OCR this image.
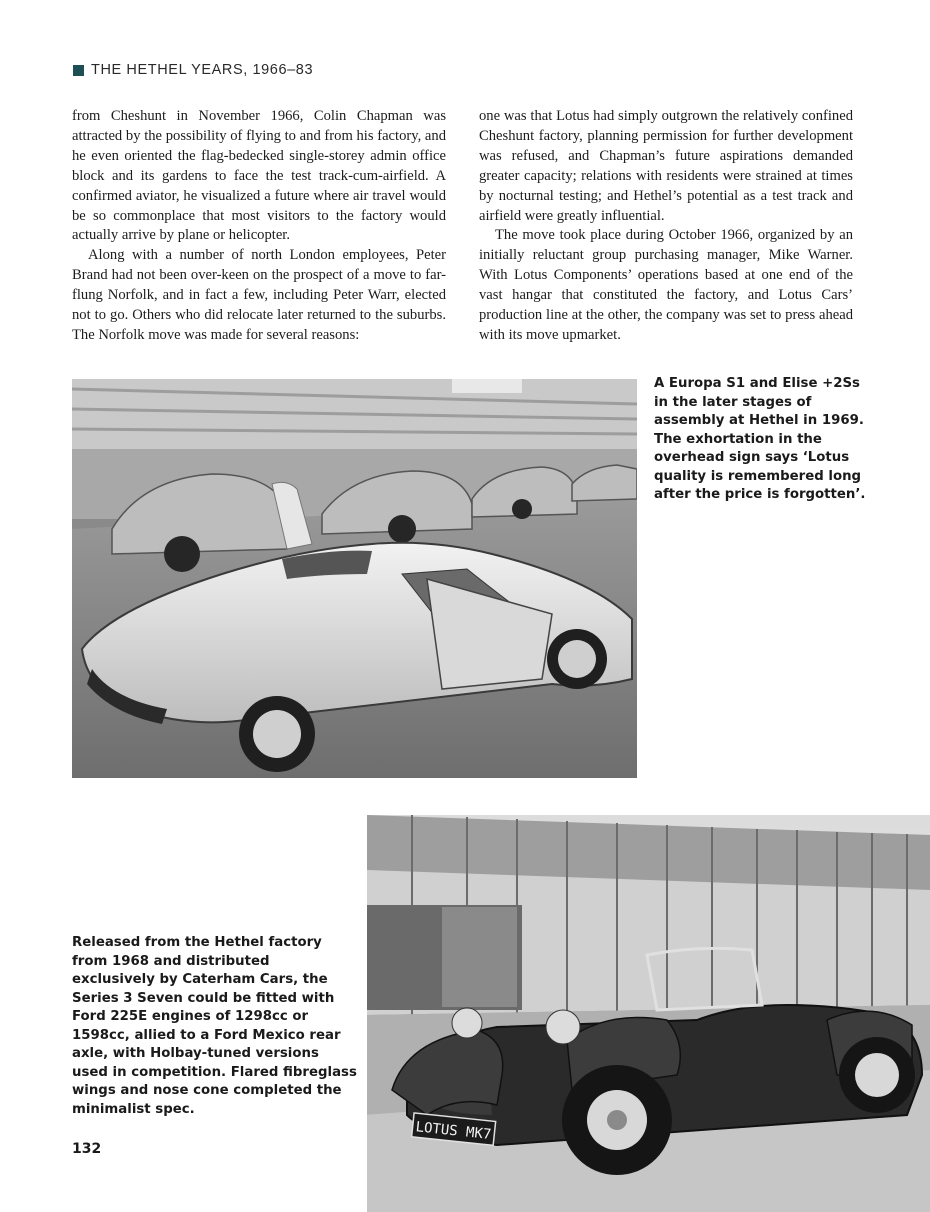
THE HETHEL YEARS, 1966–83

from Cheshunt in November 1966, Colin Chapman was attracted by the possibility of flying to and from his factory, and he even oriented the flag-bedecked single-storey admin office block and its gardens to face the test track-cum-airfield. A confirmed aviator, he visualized a future where air travel would be so commonplace that most visitors to the factory would actually arrive by plane or helicopter.

Along with a number of north London employees, Peter Brand had not been over-keen on the prospect of a move to far-flung Norfolk, and in fact a few, including Peter Warr, elected not to go. Others who did relocate later returned to the suburbs. The Norfolk move was made for several reasons:

one was that Lotus had simply outgrown the relatively confined Cheshunt factory, planning permission for further development was refused, and Chapman’s future aspirations demanded greater capacity; relations with residents were strained at times by nocturnal testing; and Hethel’s potential as a test track and airfield were greatly influential.

The move took place during October 1966, organized by an initially reluctant group purchasing manager, Mike Warner. With Lotus Components’ operations based at one end of the vast hangar that constituted the factory, and Lotus Cars’ production line at the other, the company was set to press ahead with its move upmarket.

A Europa S1 and Elise +2Ss in the later stages of assembly at Hethel in 1969. The exhortation in the overhead sign says ‘Lotus quality is remembered long after the price is forgotten’.
LOTUS MK7
Released from the Hethel factory from 1968 and distributed exclusively by Caterham Cars, the Series 3 Seven could be fitted with Ford 225E engines of 1298cc or 1598cc, allied to a Ford Mexico rear axle, with Holbay-tuned versions used in competition. Flared fibreglass wings and nose cone completed the minimalist spec.
132
